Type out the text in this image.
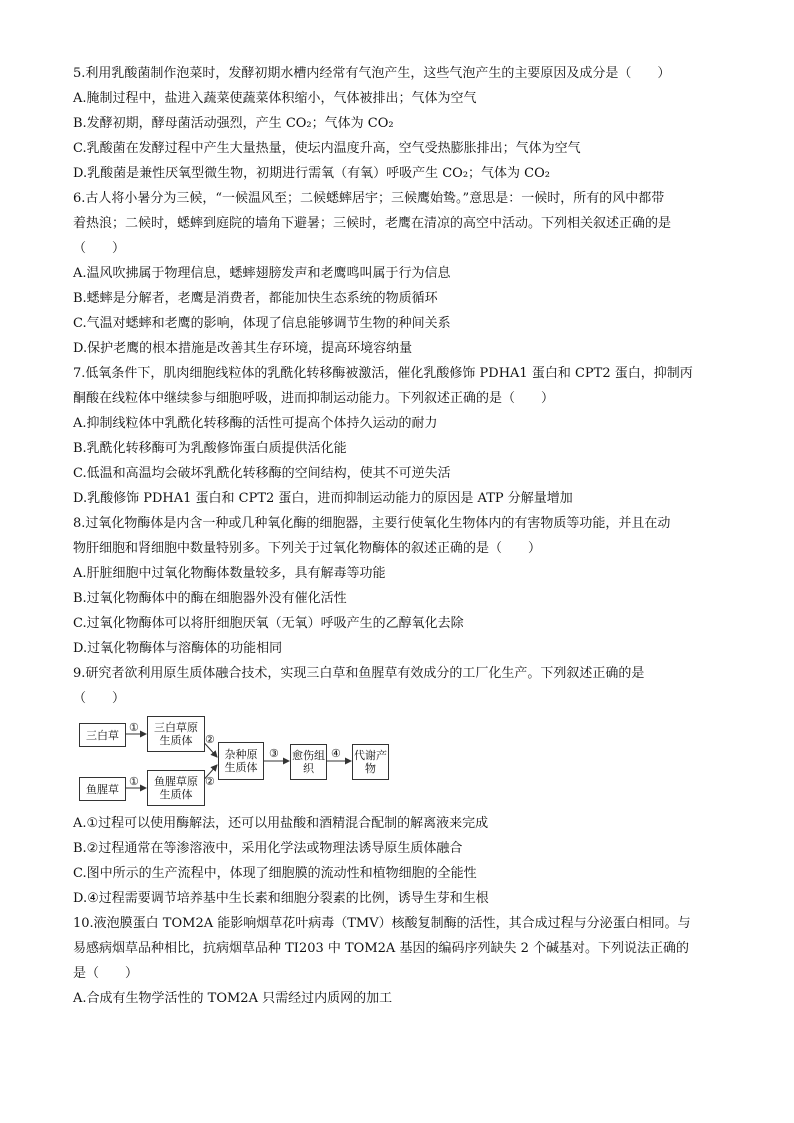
5.利用乳酸菌制作泡菜时，发酵初期水槽内经常有气泡产生，这些气泡产生的主要原因及成分是（　　）
A.腌制过程中，盐进入蔬菜使蔬菜体积缩小，气体被排出；气体为空气
B.发酵初期，酵母菌活动强烈，产生 CO₂；气体为 CO₂
C.乳酸菌在发酵过程中产生大量热量，使坛内温度升高，空气受热膨胀排出；气体为空气
D.乳酸菌是兼性厌氧型微生物，初期进行需氧（有氧）呼吸产生 CO₂；气体为 CO₂
6.古人将小暑分为三候，“一候温风至；二候蟋蟀居宇；三候鹰始鸷。”意思是：一候时，所有的风中都带
着热浪；二候时，蟋蟀到庭院的墙角下避暑；三候时，老鹰在清凉的高空中活动。下列相关叙述正确的是
（　　）
A.温风吹拂属于物理信息，蟋蟀翅膀发声和老鹰鸣叫属于行为信息
B.蟋蟀是分解者，老鹰是消费者，都能加快生态系统的物质循环
C.气温对蟋蟀和老鹰的影响，体现了信息能够调节生物的种间关系
D.保护老鹰的根本措施是改善其生存环境，提高环境容纳量
7.低氧条件下，肌肉细胞线粒体的乳酰化转移酶被激活，催化乳酸修饰 PDHA1 蛋白和 CPT2 蛋白，抑制丙
酮酸在线粒体中继续参与细胞呼吸，进而抑制运动能力。下列叙述正确的是（　　）
A.抑制线粒体中乳酰化转移酶的活性可提高个体持久运动的耐力
B.乳酰化转移酶可为乳酸修饰蛋白质提供活化能
C.低温和高温均会破坏乳酰化转移酶的空间结构，使其不可逆失活
D.乳酸修饰 PDHA1 蛋白和 CPT2 蛋白，进而抑制运动能力的原因是 ATP 分解量增加
8.过氧化物酶体是内含一种或几种氧化酶的细胞器，主要行使氧化生物体内的有害物质等功能，并且在动
物肝细胞和肾细胞中数量特别多。下列关于过氧化物酶体的叙述正确的是（　　）
A.肝脏细胞中过氧化物酶体数量较多，具有解毒等功能
B.过氧化物酶体中的酶在细胞器外没有催化活性
C.过氧化物酶体可以将肝细胞厌氧（无氧）呼吸产生的乙醇氧化去除
D.过氧化物酶体与溶酶体的功能相同
9.研究者欲利用原生质体融合技术，实现三白草和鱼腥草有效成分的工厂化生产。下列叙述正确的是
（　　）
三白草
鱼腥草
三白草原生质体
鱼腥草原生质体
杂种原生质体
愈伤组织
代谢产物
①
①
②
②
③	④
A.①过程可以使用酶解法，还可以用盐酸和酒精混合配制的解离液来完成
B.②过程通常在等渗溶液中，采用化学法或物理法诱导原生质体融合
C.图中所示的生产流程中，体现了细胞膜的流动性和植物细胞的全能性
D.④过程需要调节培养基中生长素和细胞分裂素的比例，诱导生芽和生根
10.液泡膜蛋白 TOM2A 能影响烟草花叶病毒（TMV）核酸复制酶的活性，其合成过程与分泌蛋白相同。与
易感病烟草品种相比，抗病烟草品种 TI203 中 TOM2A 基因的编码序列缺失 2 个碱基对。下列说法正确的
是（　　）
A.合成有生物学活性的 TOM2A 只需经过内质网的加工
